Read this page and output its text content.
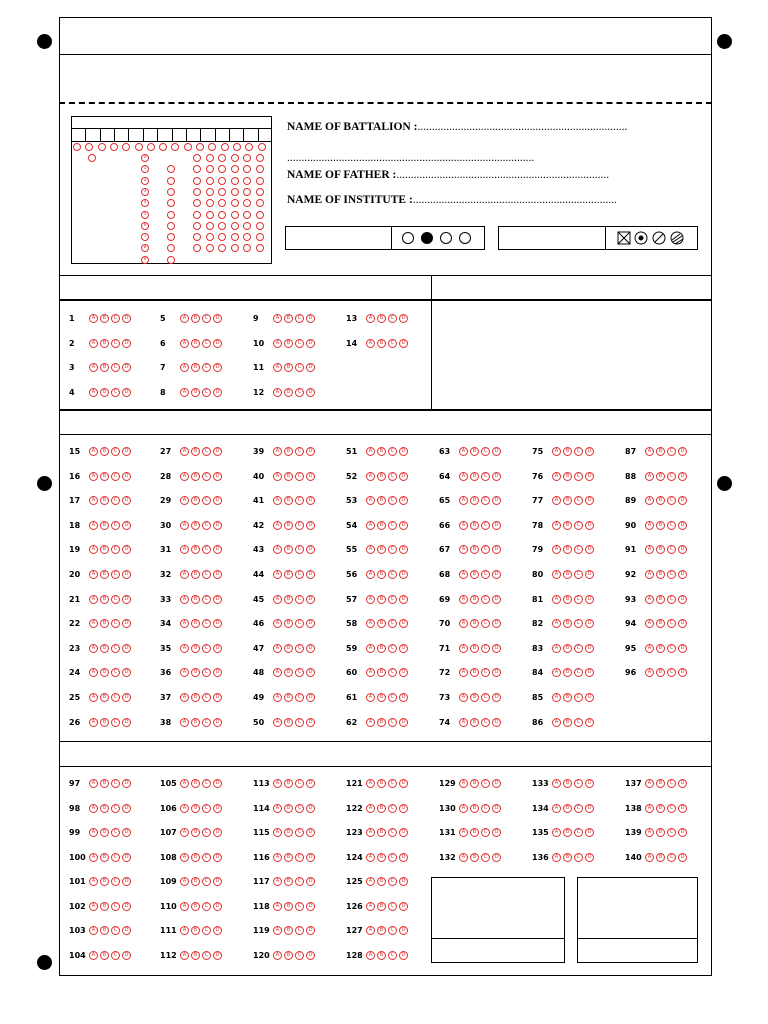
0
1
2
3
4
5
6
7
8
9
NAME OF BATTALION :.........................................................................
......................................................................................
NAME OF FATHER :..........................................................................
NAME OF INSTITUTE :.......................................................................
1	A	B	C	D
2	A	B	C	D
3	A	B	C	D
4	A	B	C	D
5	A	B	C	D
6	A	B	C	D
7	A	B	C	D
8	A	B	C	D
9	A	B	C	D
10	A	B	C	D
11	A	B	C	D
12	A	B	C	D
13	A	B	C	D
14	A	B	C	D
15	A	B	C	D
16	A	B	C	D
17	A	B	C	D
18	A	B	C	D
19	A	B	C	D
20	A	B	C	D
21	A	B	C	D
22	A	B	C	D
23	A	B	C	D
24	A	B	C	D
25	A	B	C	D
26	A	B	C	D
27	A	B	C	D
28	A	B	C	D
29	A	B	C	D
30	A	B	C	D
31	A	B	C	D
32	A	B	C	D
33	A	B	C	D
34	A	B	C	D
35	A	B	C	D
36	A	B	C	D
37	A	B	C	D
38	A	B	C	D
39	A	B	C	D
40	A	B	C	D
41	A	B	C	D
42	A	B	C	D
43	A	B	C	D
44	A	B	C	D
45	A	B	C	D
46	A	B	C	D
47	A	B	C	D
48	A	B	C	D
49	A	B	C	D
50	A	B	C	D
51	A	B	C	D
52	A	B	C	D
53	A	B	C	D
54	A	B	C	D
55	A	B	C	D
56	A	B	C	D
57	A	B	C	D
58	A	B	C	D
59	A	B	C	D
60	A	B	C	D
61	A	B	C	D
62	A	B	C	D
63	A	B	C	D
64	A	B	C	D
65	A	B	C	D
66	A	B	C	D
67	A	B	C	D
68	A	B	C	D
69	A	B	C	D
70	A	B	C	D
71	A	B	C	D
72	A	B	C	D
73	A	B	C	D
74	A	B	C	D
75	A	B	C	D
76	A	B	C	D
77	A	B	C	D
78	A	B	C	D
79	A	B	C	D
80	A	B	C	D
81	A	B	C	D
82	A	B	C	D
83	A	B	C	D
84	A	B	C	D
85	A	B	C	D
86	A	B	C	D
87	A	B	C	D
88	A	B	C	D
89	A	B	C	D
90	A	B	C	D
91	A	B	C	D
92	A	B	C	D
93	A	B	C	D
94	A	B	C	D
95	A	B	C	D
96	A	B	C	D
97	A	B	C	D
98	A	B	C	D
99	A	B	C	D
100	A	B	C	D
101	A	B	C	D
102	A	B	C	D
103	A	B	C	D
104	A	B	C	D
105	A	B	C	D
106	A	B	C	D
107	A	B	C	D
108	A	B	C	D
109	A	B	C	D
110	A	B	C	D
111	A	B	C	D
112	A	B	C	D
113	A	B	C	D
114	A	B	C	D
115	A	B	C	D
116	A	B	C	D
117	A	B	C	D
118	A	B	C	D
119	A	B	C	D
120	A	B	C	D
121	A	B	C	D
122	A	B	C	D
123	A	B	C	D
124	A	B	C	D
125	A	B	C	D
126	A	B	C	D
127	A	B	C	D
128	A	B	C	D
129	A	B	C	D
130	A	B	C	D
131	A	B	C	D
132	A	B	C	D
133	A	B	C	D
134	A	B	C	D
135	A	B	C	D
136	A	B	C	D
137	A	B	C	D
138	A	B	C	D
139	A	B	C	D
140	A	B	C	D
